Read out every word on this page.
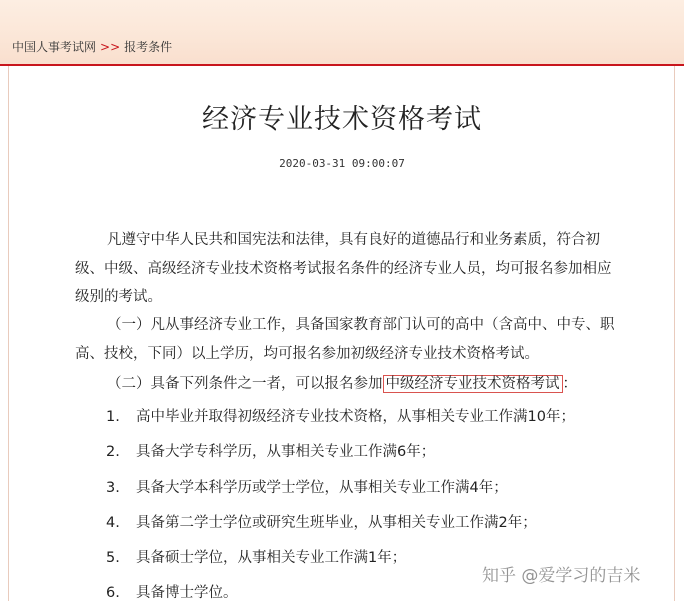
中国人事考试网 >> 报考条件
经济专业技术资格考试
2020-03-31 09:00:07
凡遵守中华人民共和国宪法和法律，具有良好的道德品行和业务素质，符合初级、中级、高级经济专业技术资格考试报名条件的经济专业人员，均可报名参加相应级别的考试。
（一）凡从事经济专业工作，具备国家教育部门认可的高中（含高中、中专、职高、技校，下同）以上学历，均可报名参加初级经济专业技术资格考试。
（二）具备下列条件之一者，可以报名参加 中级经济专业技术资格考试 ：
1. 高中毕业并取得初级经济专业技术资格，从事相关专业工作满10年；
2. 具备大学专科学历，从事相关专业工作满6年；
3. 具备大学本科学历或学士学位，从事相关专业工作满4年；
4. 具备第二学士学位或研究生班毕业，从事相关专业工作满2年；
5. 具备硕士学位，从事相关专业工作满1年；
6. 具备博士学位。
知乎 @爱学习的吉米
